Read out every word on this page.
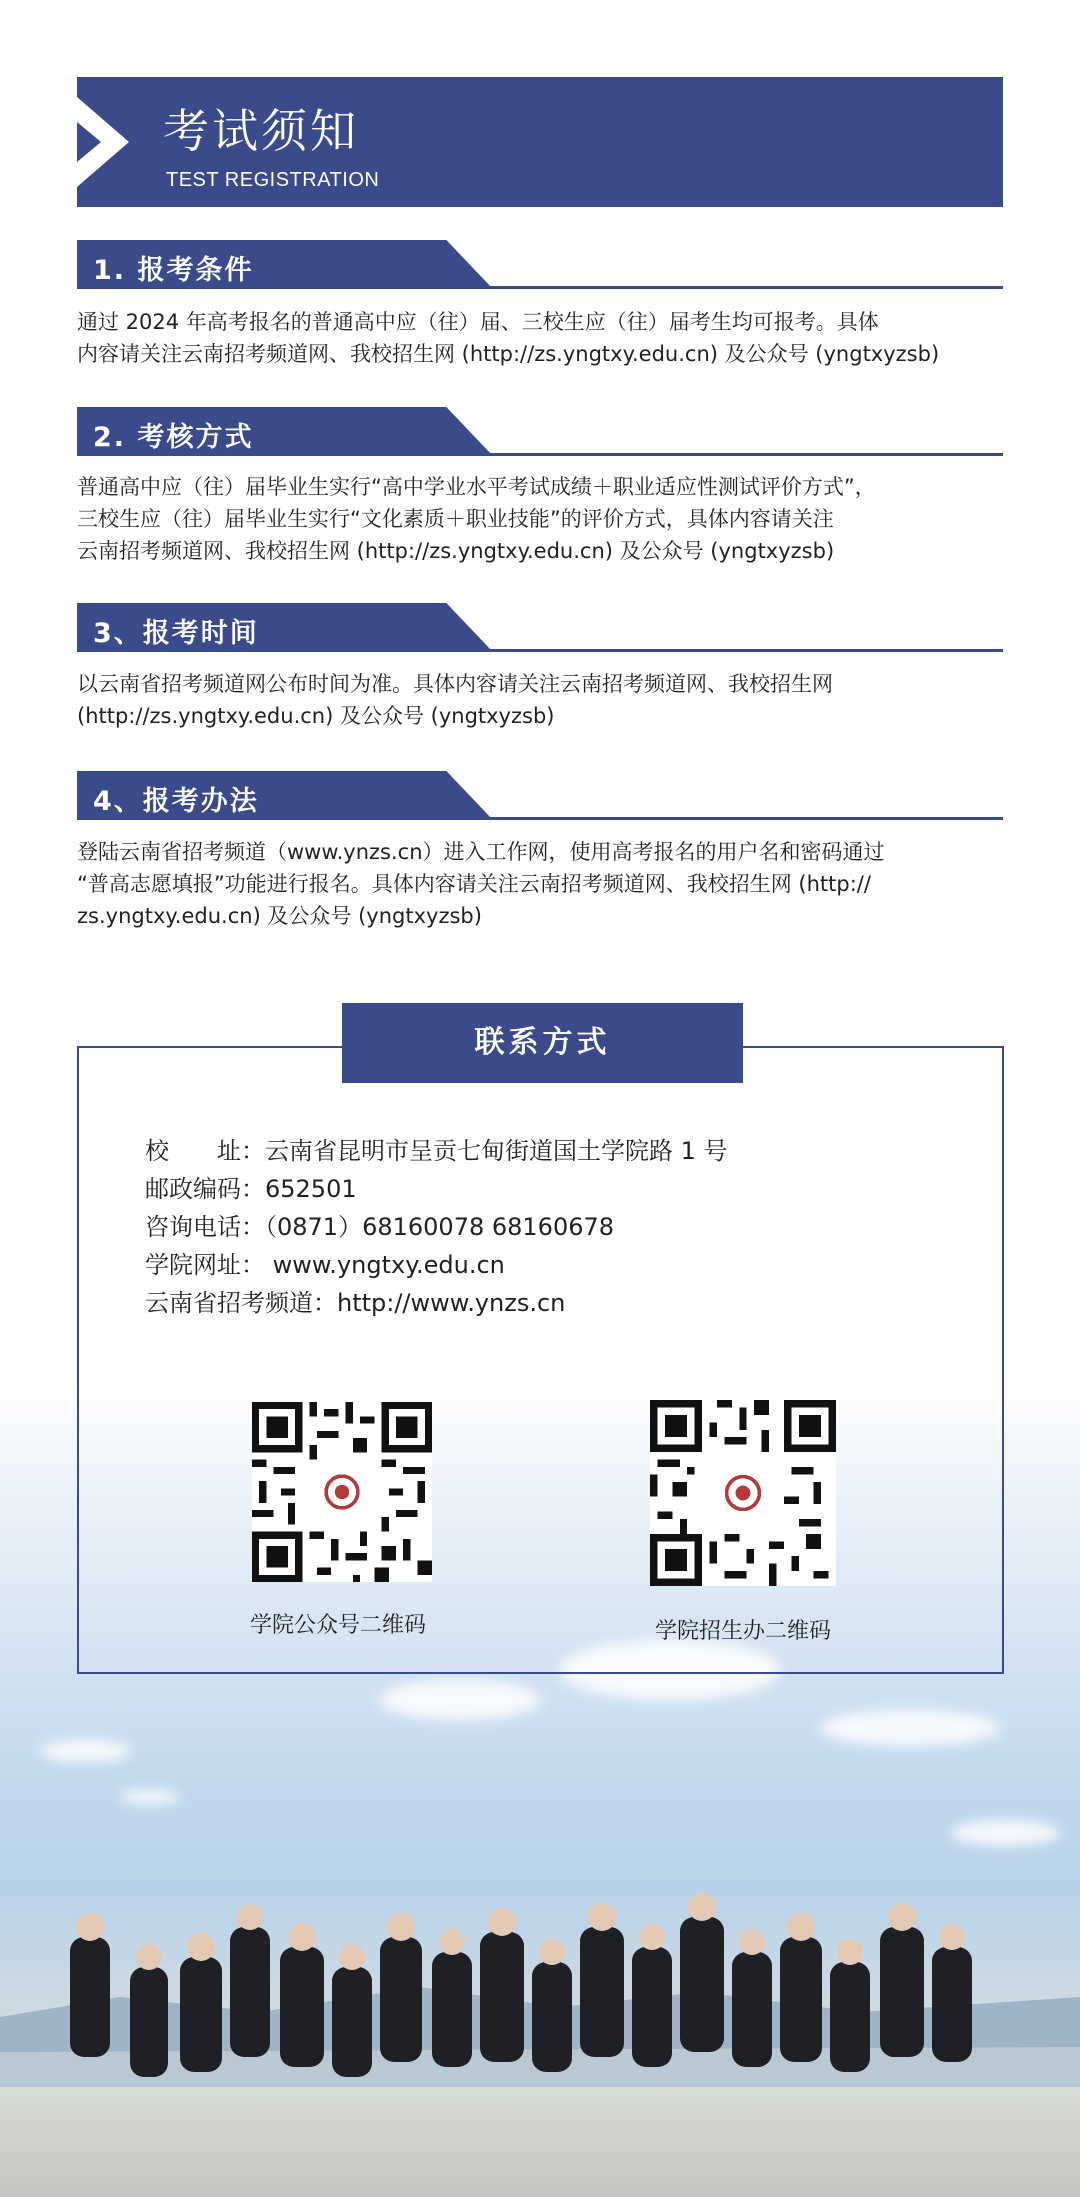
考试须知
TEST REGISTRATION
1. 报考条件

通过 2024 年高考报名的普通高中应（往）届、三校生应（往）届考生均可报考。具体

内容请关注云南招考频道网、我校招生网 (http://zs.yngtxy.edu.cn) 及公众号 (yngtxyzsb)

2. 考核方式

普通高中应（往）届毕业生实行“高中学业水平考试成绩＋职业适应性测试评价方式”，

三校生应（往）届毕业生实行“文化素质＋职业技能”的评价方式，具体内容请关注

云南招考频道网、我校招生网 (http://zs.yngtxy.edu.cn) 及公众号 (yngtxyzsb)

3、报考时间

以云南省招考频道网公布时间为准。具体内容请关注云南招考频道网、我校招生网

(http://zs.yngtxy.edu.cn) 及公众号 (yngtxyzsb)

4、报考办法

登陆云南省招考频道（www.ynzs.cn）进入工作网，使用高考报名的用户名和密码通过

“普高志愿填报”功能进行报名。具体内容请关注云南招考频道网、我校招生网 (http://

zs.yngtxy.edu.cn) 及公众号 (yngtxyzsb)

联系方式
校　　址：云南省昆明市呈贡七甸街道国土学院路 1 号
邮政编码：652501
咨询电话：（0871）68160078 68160678
学院网址： www.yngtxy.edu.cn
云南省招考频道：http://www.ynzs.cn
学院公众号二维码	学院招生办二维码
